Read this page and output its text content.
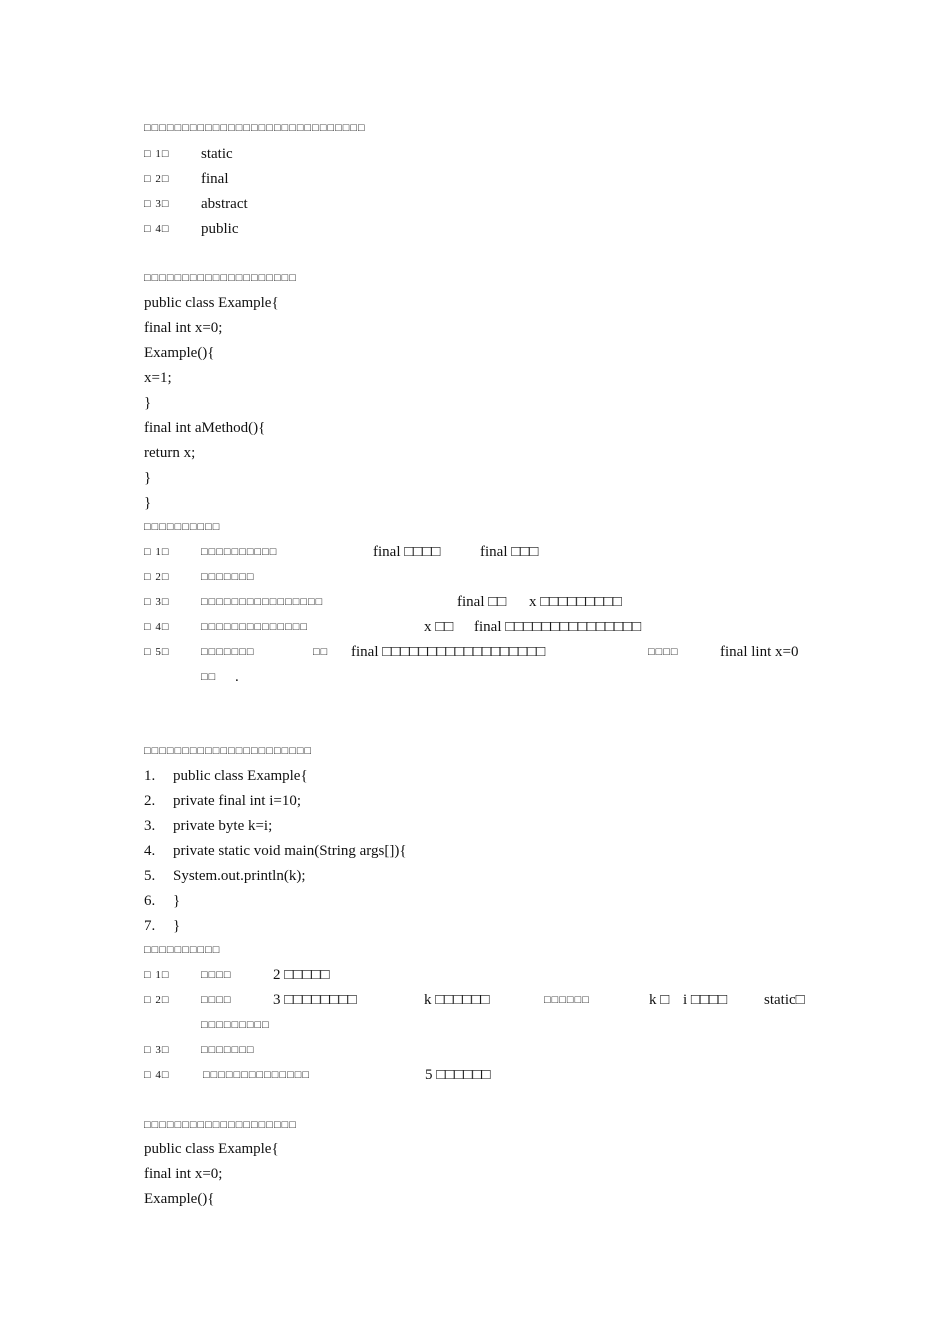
□□□□□□□□□□□□□□□□□□□□□□□□□□□□□
□ 1□ static
□ 2□ final
□ 3□ abstract
□ 4□ public
□□□□□□□□□□□□□□□□□□□□
public class Example{
final int x=0;
Example(){
x=1;
}
final int aMethod(){
return x;
}
}
□□□□□□□□□□
□ 1□	□□□□□□□□□□	final □□□□	final □□□
□ 2□	□□□□□□□
□ 3□	□□□□□□□□□□□□□□□□	final □□ x □□□□□□□□□
□ 4□	□□□□□□□□□□□□□□	x □□ final □□□□□□□□□□□□□□□
□ 5□	□□□□□□□	□□ final □□□□□□□□□□□□□□□□□□	□□□□	final lint x=0
□□ .
□□□□□□□□□□□□□□□□□□□□□□
1. public class Example{
2. private final int i=10;
3. private byte k=i;
4. private static void main(String args[]){
5. System.out.println(k);
6. }
7. }
□□□□□□□□□□
□ 1□	□□□□	2 □□□□□
□ 2□	□□□□	3 □□□□□□□□	k □□□□□□	□□□□□□	k □ i □□□□ static□
□□□□□□□□□
□ 3□	□□□□□□□
□ 4□	□□□□□□□□□□□□□□	5 □□□□□□
□□□□□□□□□□□□□□□□□□□□
public class Example{
final int x=0;
Example(){
